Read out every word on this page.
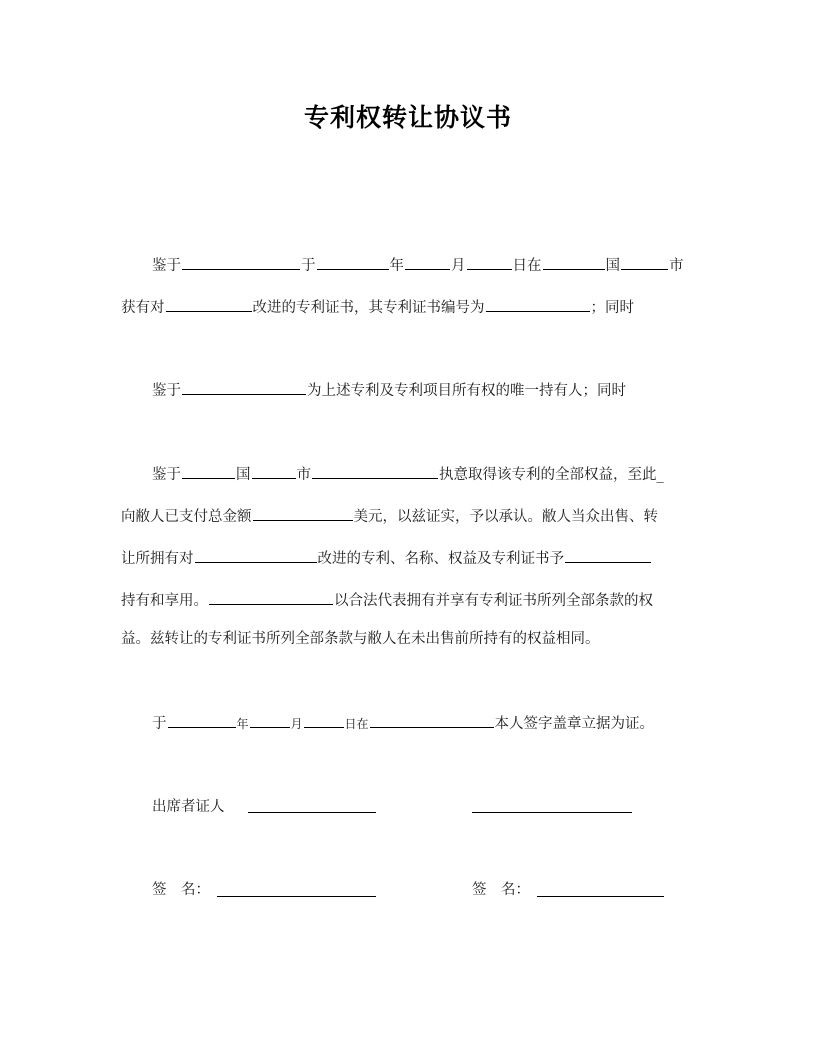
专利权转让协议书
鉴于	于	年	月	日在	国	市
获有对	改进的专利证书，其专利证书编号为	；同时
鉴于	为上述专利及专利项目所有权的唯一持有人；同时
鉴于	国	市	执意取得该专利的全部权益，至此_
向敝人已支付总金额	美元，以兹证实，予以承认。敝人当众出售、转
让所拥有对	改进的专利、名称、权益及专利证书予
持有和享用。	以合法代表拥有并享有专利证书所列全部条款的权
益。兹转让的专利证书所列全部条款与敝人在未出售前所持有的权益相同。
于	年	月	日在	本人签字盖章立据为证。
出席者证人
签　名：	签　名：
